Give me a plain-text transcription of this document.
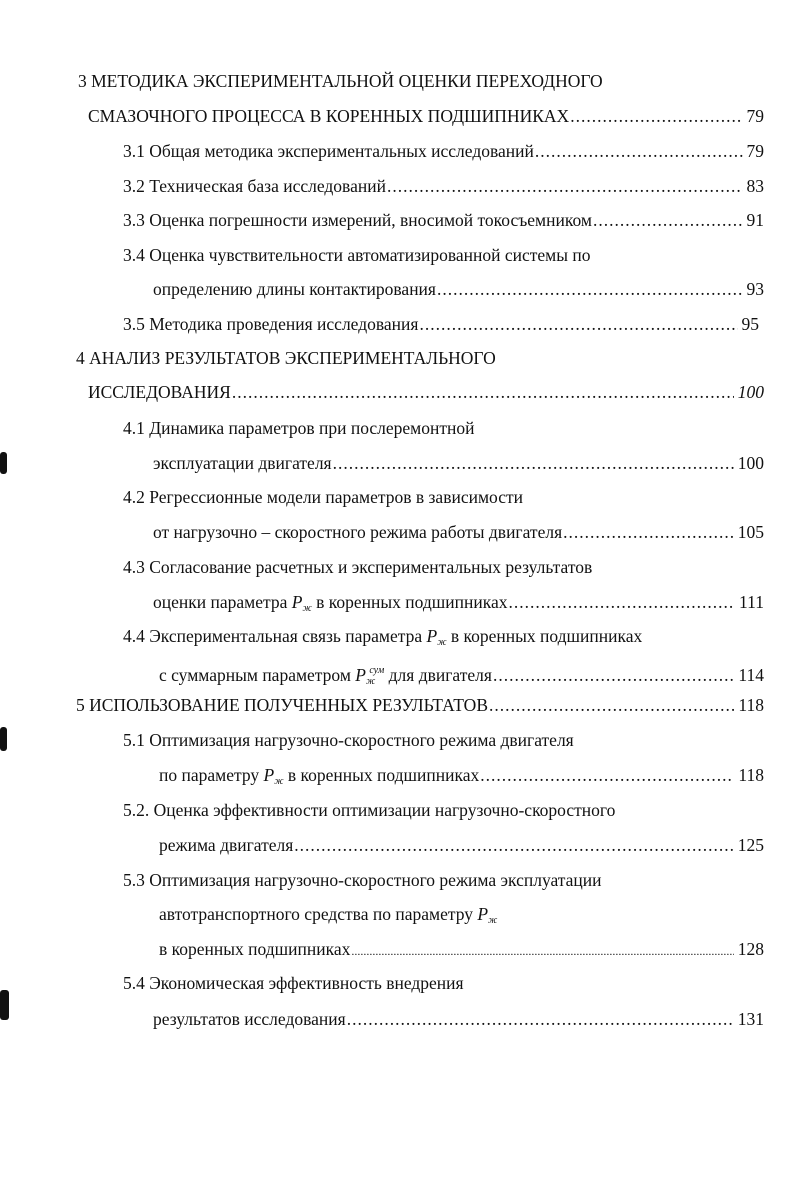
3 МЕТОДИКА ЭКСПЕРИМЕНТАЛЬНОЙ ОЦЕНКИ ПЕРЕХОДНОГО
СМАЗОЧНОГО ПРОЦЕССА В КОРЕННЫХ ПОДШИПНИКАХ .....	79
3.1 Общая методика экспериментальных исследований .....	79
3.2 Техническая база исследований .....	83
3.3 Оценка погрешности измерений, вносимой токосъемником .....	91
3.4 Оценка чувствительности автоматизированной системы по
определению длины контактирования .....	93
3.5 Методика проведения исследования .....	95
4 АНАЛИЗ РЕЗУЛЬТАТОВ ЭКСПЕРИМЕНТАЛЬНОГО
ИССЛЕДОВАНИЯ .....	100
4.1 Динамика параметров при послеремонтной
эксплуатации двигателя .....	100
4.2 Регрессионные модели параметров в зависимости
от нагрузочно – скоростного режима работы двигателя .....	105
4.3 Согласование расчетных и экспериментальных результатов
оценки параметра $P_ж$ в коренных подшипниках .....	111
4.4 Экспериментальная связь параметра $P_ж$ в коренных подшипниках
с суммарным параметром $P_ж^{сум}$ для двигателя .....	114
5 ИСПОЛЬЗОВАНИЕ ПОЛУЧЕННЫХ РЕЗУЛЬТАТОВ .....	118
5.1 Оптимизация нагрузочно-скоростного режима двигателя
по параметру $P_ж$ в коренных подшипниках .....	118
5.2. Оценка эффективности оптимизации нагрузочно-скоростного
режима двигателя .....	125
5.3 Оптимизация нагрузочно-скоростного режима эксплуатации
автотранспортного средства по параметру $P_ж$
в коренных подшипниках .....	128
5.4 Экономическая эффективность внедрения
результатов исследования .....	131
